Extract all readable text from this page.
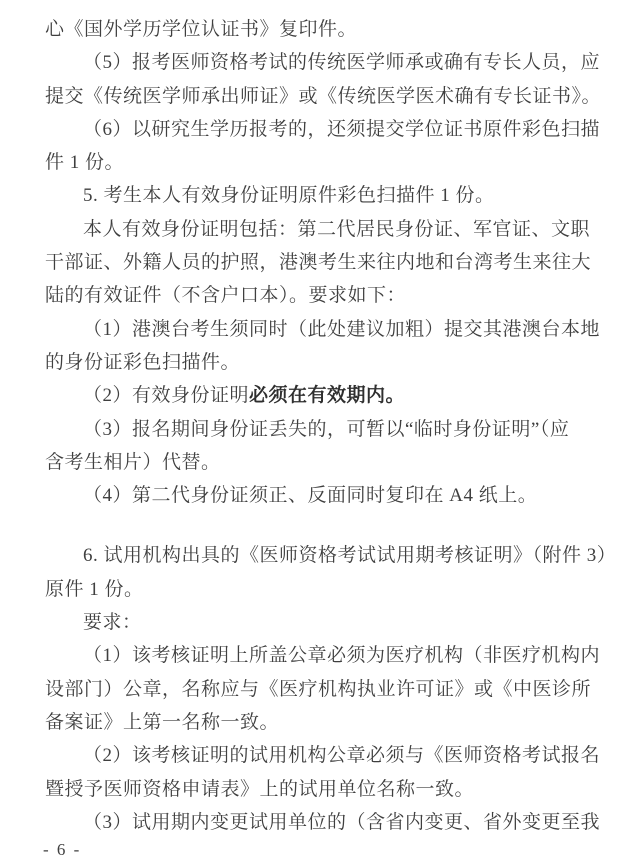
心《国外学历学位认证书》复印件。
（5）报考医师资格考试的传统医学师承或确有专长人员，应
提交《传统医学师承出师证》或《传统医学医术确有专长证书》。
（6）以研究生学历报考的，还须提交学位证书原件彩色扫描
件 1 份。
5. 考生本人有效身份证明原件彩色扫描件 1 份。
本人有效身份证明包括：第二代居民身份证、军官证、文职
干部证、外籍人员的护照，港澳考生来往内地和台湾考生来往大
陆的有效证件（不含户口本）。要求如下：
（1）港澳台考生须同时（此处建议加粗）提交其港澳台本地
的身份证彩色扫描件。
（2）有效身份证明必须在有效期内。
（3）报名期间身份证丢失的，可暂以“临时身份证明”（应
含考生相片）代替。
（4）第二代身份证须正、反面同时复印在 A4 纸上。
6. 试用机构出具的《医师资格考试试用期考核证明》（附件 3）
原件 1 份。
要求：
（1）该考核证明上所盖公章必须为医疗机构（非医疗机构内
设部门）公章，名称应与《医疗机构执业许可证》或《中医诊所
备案证》上第一名称一致。
（2）该考核证明的试用机构公章必须与《医师资格考试报名
暨授予医师资格申请表》上的试用单位名称一致。
（3）试用期内变更试用单位的（含省内变更、省外变更至我
- 6 -
